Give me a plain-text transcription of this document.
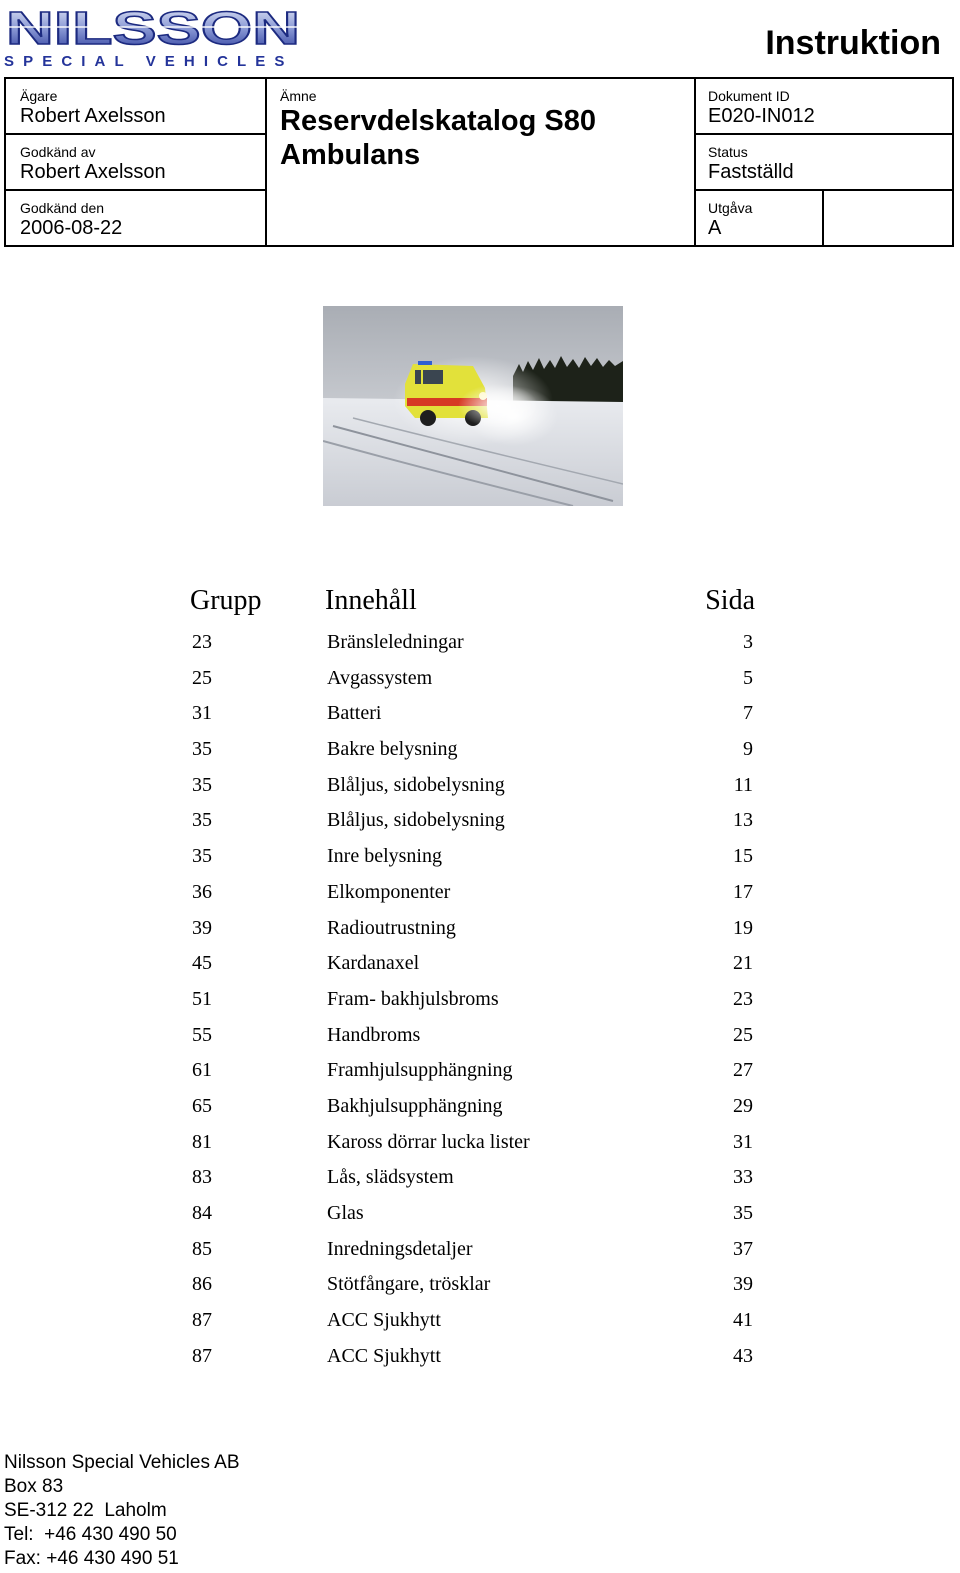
NILSSON
SPECIAL VEHICLES	Instruktion
Ägare
Robert Axelsson
Godkänd av
Robert Axelsson
Godkänd den
2006-08-22
Ämne
Reservdelskatalog S80 Ambulans
Dokument ID
E020-IN012
Status
Fastställd
Utgåva
A
Grupp Innehåll	Sida
23	Bränsleledningar	3
25	Avgassystem	5
31	Batteri	7
35	Bakre belysning	9
35	Blåljus, sidobelysning	11
35	Blåljus, sidobelysning	13
35	Inre belysning	15
36	Elkomponenter	17
39	Radioutrustning	19
45	Kardanaxel	21
51	Fram- bakhjulsbroms	23
55	Handbroms	25
61	Framhjulsupphängning	27
65	Bakhjulsupphängning	29
81	Kaross dörrar lucka lister	31
83	Lås, slädsystem	33
84	Glas	35
85	Inredningsdetaljer	37
86	Stötfångare, trösklar	39
87	ACC Sjukhytt	41
87	ACC Sjukhytt	43
Nilsson Special Vehicles AB
Box 83
SE-312 22  Laholm
Tel:  +46 430 490 50
Fax: +46 430 490 51
